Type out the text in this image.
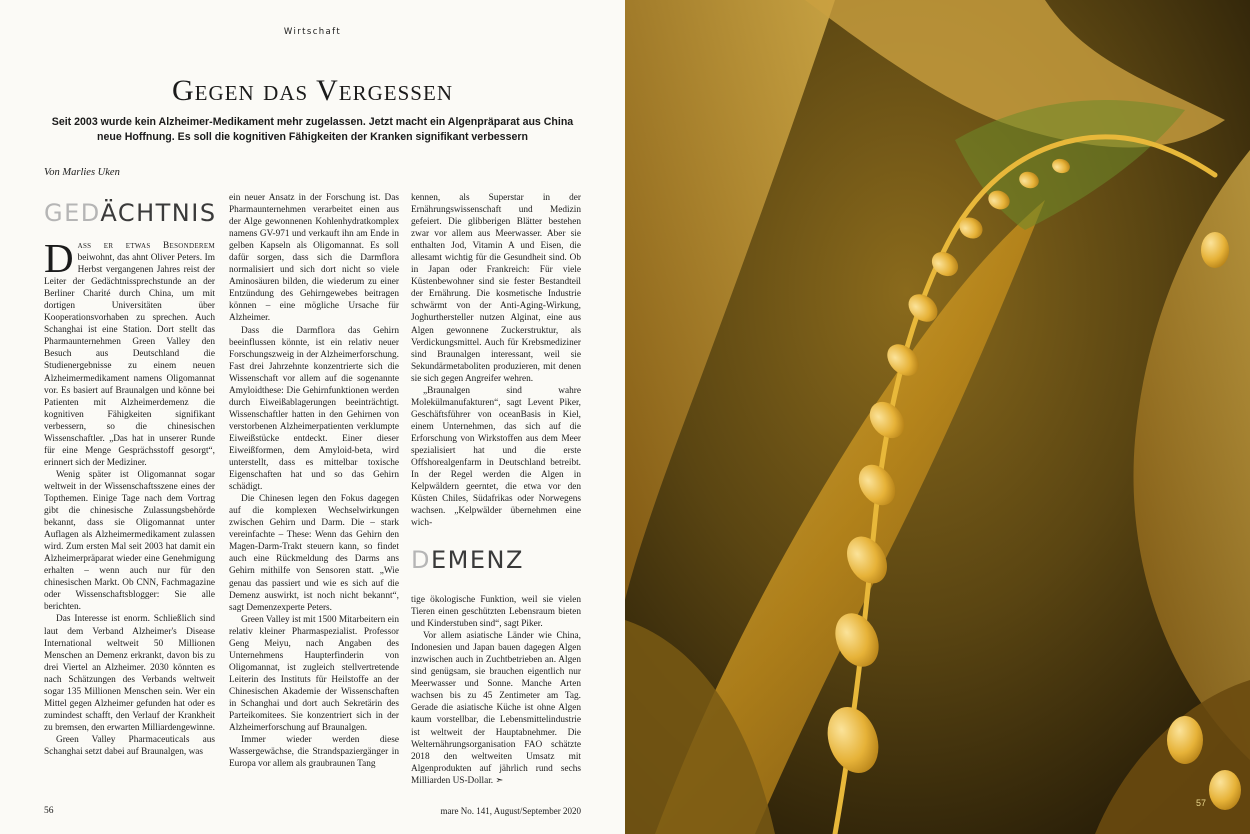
Wirtschaft
Gegen das Vergessen
Seit 2003 wurde kein Alzheimer-Medikament mehr zugelassen. Jetzt macht ein Algenpräparat aus China neue Hoffnung. Es soll die kognitiven Fähigkeiten der Kranken signifikant verbessern
Von Marlies Uken
GEDÄCHTNIS

Dass er etwas Besonderem beiwohnt, das ahnt Oliver Peters. Im Herbst vergangenen Jahres reist der Leiter der Gedächtnissprechstunde an der Berliner Charité durch China, um mit dortigen Universitäten über Kooperationsvorhaben zu sprechen. Auch Schanghai ist eine Station. Dort stellt das Pharmaunternehmen Green Valley den Besuch aus Deutschland die Studienergebnisse zu einem neuen Alzheimermedikament namens Oligomannat vor. Es basiert auf Braunalgen und könne bei Patienten mit Alzheimerdemenz die kognitiven Fähigkeiten signifikant verbessern, so die chinesischen Wissenschaftler. „Das hat in unserer Runde für eine Menge Gesprächsstoff gesorgt“, erinnert sich der Mediziner.

Wenig später ist Oligomannat sogar weltweit in der Wissenschaftsszene eines der Topthemen. Einige Tage nach dem Vortrag gibt die chinesische Zulassungsbehörde bekannt, dass sie Oligomannat unter Auflagen als Alzheimermedikament zulassen wird. Zum ersten Mal seit 2003 hat damit ein Alzheimerpräparat wieder eine Genehmigung erhalten – wenn auch nur für den chinesischen Markt. Ob CNN, Fachmagazine oder Wissenschaftsblogger: Sie alle berichten.

Das Interesse ist enorm. Schließlich sind laut dem Verband Alzheimer's Disease International weltweit 50 Millionen Menschen an Demenz erkrankt, davon bis zu drei Viertel an Alzheimer. 2030 könnten es nach Schätzungen des Verbands weltweit sogar 135 Millionen Menschen sein. Wer ein Mittel gegen Alzheimer gefunden hat oder es zumindest schafft, den Verlauf der Krankheit zu bremsen, den erwarten Milliardengewinne.

Green Valley Pharmaceuticals aus Schanghai setzt dabei auf Braunalgen, was

ein neuer Ansatz in der Forschung ist. Das Pharmaunternehmen verarbeitet einen aus der Alge gewonnenen Kohlenhydratkomplex namens GV-971 und verkauft ihn am Ende in gelben Kapseln als Oligomannat. Es soll dafür sorgen, dass sich die Darmflora normalisiert und sich dort nicht so viele Aminosäuren bilden, die wiederum zu einer Entzündung des Gehirngewebes beitragen können – eine mögliche Ursache für Alzheimer.

Dass die Darmflora das Gehirn beeinflussen könnte, ist ein relativ neuer Forschungszweig in der Alzheimerforschung. Fast drei Jahrzehnte konzentrierte sich die Wissenschaft vor allem auf die sogenannte Amyloidthese: Die Gehirnfunktionen werden durch Eiweißablagerungen beeinträchtigt. Wissenschaftler hatten in den Gehirnen von verstorbenen Alzheimerpatienten verklumpte Eiweißstücke entdeckt. Einer dieser Eiweißformen, dem Amyloid-beta, wird unterstellt, dass es mittelbar toxische Eigenschaften hat und so das Gehirn schädigt.

Die Chinesen legen den Fokus dagegen auf die komplexen Wechselwirkungen zwischen Gehirn und Darm. Die – stark vereinfachte – These: Wenn das Gehirn den Magen-Darm-Trakt steuern kann, so findet auch eine Rückmeldung des Darms ans Gehirn mithilfe von Sensoren statt. „Wie genau das passiert und wie es sich auf die Demenz auswirkt, ist noch nicht bekannt“, sagt Demenzexperte Peters.

Green Valley ist mit 1500 Mitarbeitern ein relativ kleiner Pharmaspezialist. Professor Geng Meiyu, nach Angaben des Unternehmens Haupterfinderin von Oligomannat, ist zugleich stellvertretende Leiterin des Instituts für Heilstoffe an der Chinesischen Akademie der Wissenschaften in Schanghai und dort auch Sekretärin des Parteikomitees. Sie konzentriert sich in der Alzheimerforschung auf Braunalgen.

Immer wieder werden diese Wassergewächse, die Strandspaziergänger in Europa vor allem als graubraunen Tang

kennen, als Superstar in der Ernährungswissenschaft und Medizin gefeiert. Die glibberigen Blätter bestehen zwar vor allem aus Meerwasser. Aber sie enthalten Jod, Vitamin A und Eisen, die allesamt wichtig für die Gesundheit sind. Ob in Japan oder Frankreich: Für viele Küstenbewohner sind sie fester Bestandteil der Ernährung. Die kosmetische Industrie schwärmt von der Anti-Aging-Wirkung, Joghurthersteller nutzen Alginat, eine aus Algen gewonnene Zuckerstruktur, als Verdickungsmittel. Auch für Krebsmediziner sind Braunalgen interessant, weil sie Sekundärmetaboliten produzieren, mit denen sie sich gegen Angreifer wehren.

„Braunalgen sind wahre Molekülmanufakturen“, sagt Levent Piker, Geschäftsführer von oceanBasis in Kiel, einem Unternehmen, das sich auf die Erforschung von Wirkstoffen aus dem Meer spezialisiert hat und die erste Offshorealgenfarm in Deutschland betreibt. In der Regel werden die Algen in Kelpwäldern geerntet, die etwa vor den Küsten Chiles, Südafrikas oder Norwegens wachsen. „Kelpwälder übernehmen eine wich-

DEMENZ

tige ökologische Funktion, weil sie vielen Tieren einen geschützten Lebensraum bieten und Kinderstuben sind“, sagt Piker.

Vor allem asiatische Länder wie China, Indonesien und Japan bauen dagegen Algen inzwischen auch in Zuchtbetrieben an. Algen sind genügsam, sie brauchen eigentlich nur Meerwasser und Sonne. Manche Arten wachsen bis zu 45 Zentimeter am Tag. Gerade die asiatische Küche ist ohne Algen kaum vorstellbar, die Lebensmittelindustrie ist weltweit der Hauptabnehmer. Die Welternährungsorganisation FAO schätzte 2018 den weltweiten Umsatz mit Algenprodukten auf jährlich rund sechs Milliarden US-Dollar. ➣

56	mare No. 141, August/September 2020
57
